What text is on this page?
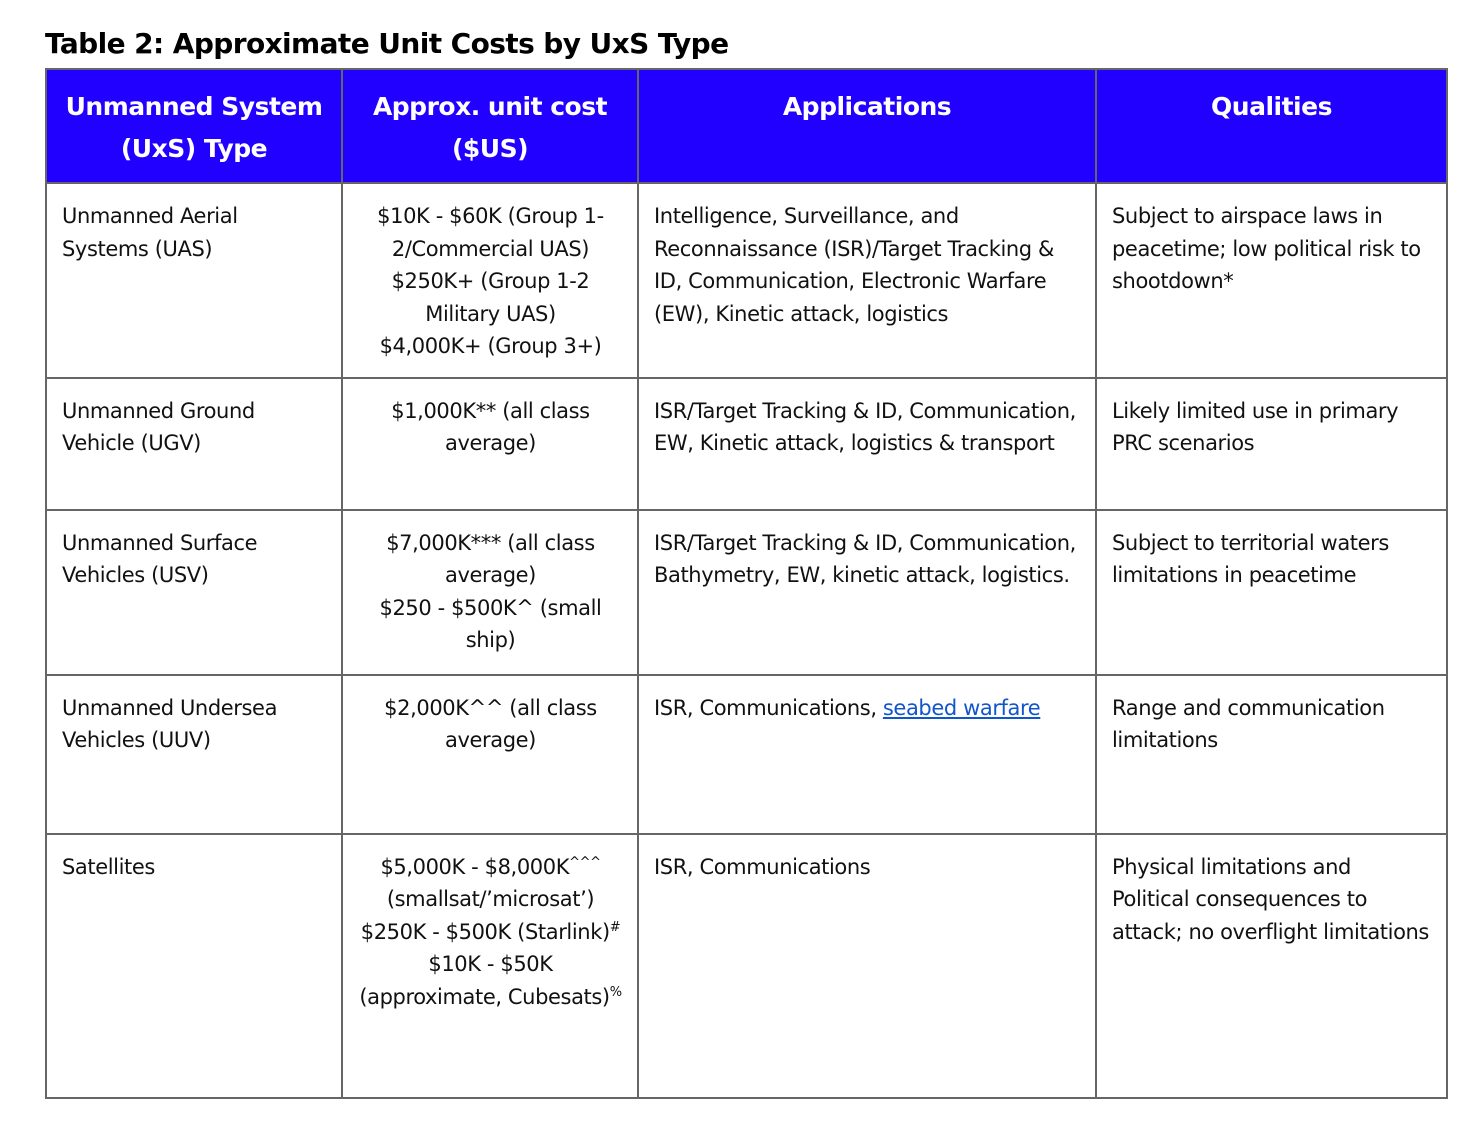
Table 2: Approximate Unit Costs by UxS Type
Unmanned System (UxS) Type	Approx. unit cost ($US)	Applications	Qualities
Unmanned Aerial Systems (UAS)	$10K - $60K (Group 1-2/Commercial UAS)
$250K+ (Group 1-2 Military UAS)
$4,000K+ (Group 3+)	Intelligence, Surveillance, and Reconnaissance (ISR)/Target Tracking & ID, Communication, Electronic Warfare (EW), Kinetic attack, logistics	Subject to airspace laws in peacetime; low political risk to shootdown*
Unmanned Ground Vehicle (UGV)	$1,000K** (all class average)	ISR/Target Tracking & ID, Communication, EW, Kinetic attack, logistics & transport	Likely limited use in primary PRC scenarios
Unmanned Surface Vehicles (USV)	$7,000K*** (all class average)
$250 - $500K^ (small ship)	ISR/Target Tracking & ID, Communication, Bathymetry, EW, kinetic attack, logistics.	Subject to territorial waters limitations in peacetime
Unmanned Undersea Vehicles (UUV)	$2,000K^^ (all class average)	ISR, Communications, seabed warfare	Range and communication limitations
Satellites	$5,000K - $8,000K^^^
(smallsat/’microsat’)
$250K - $500K (Starlink)#
$10K - $50K (approximate, Cubesats)%	ISR, Communications	Physical limitations and Political consequences to attack; no overflight limitations
